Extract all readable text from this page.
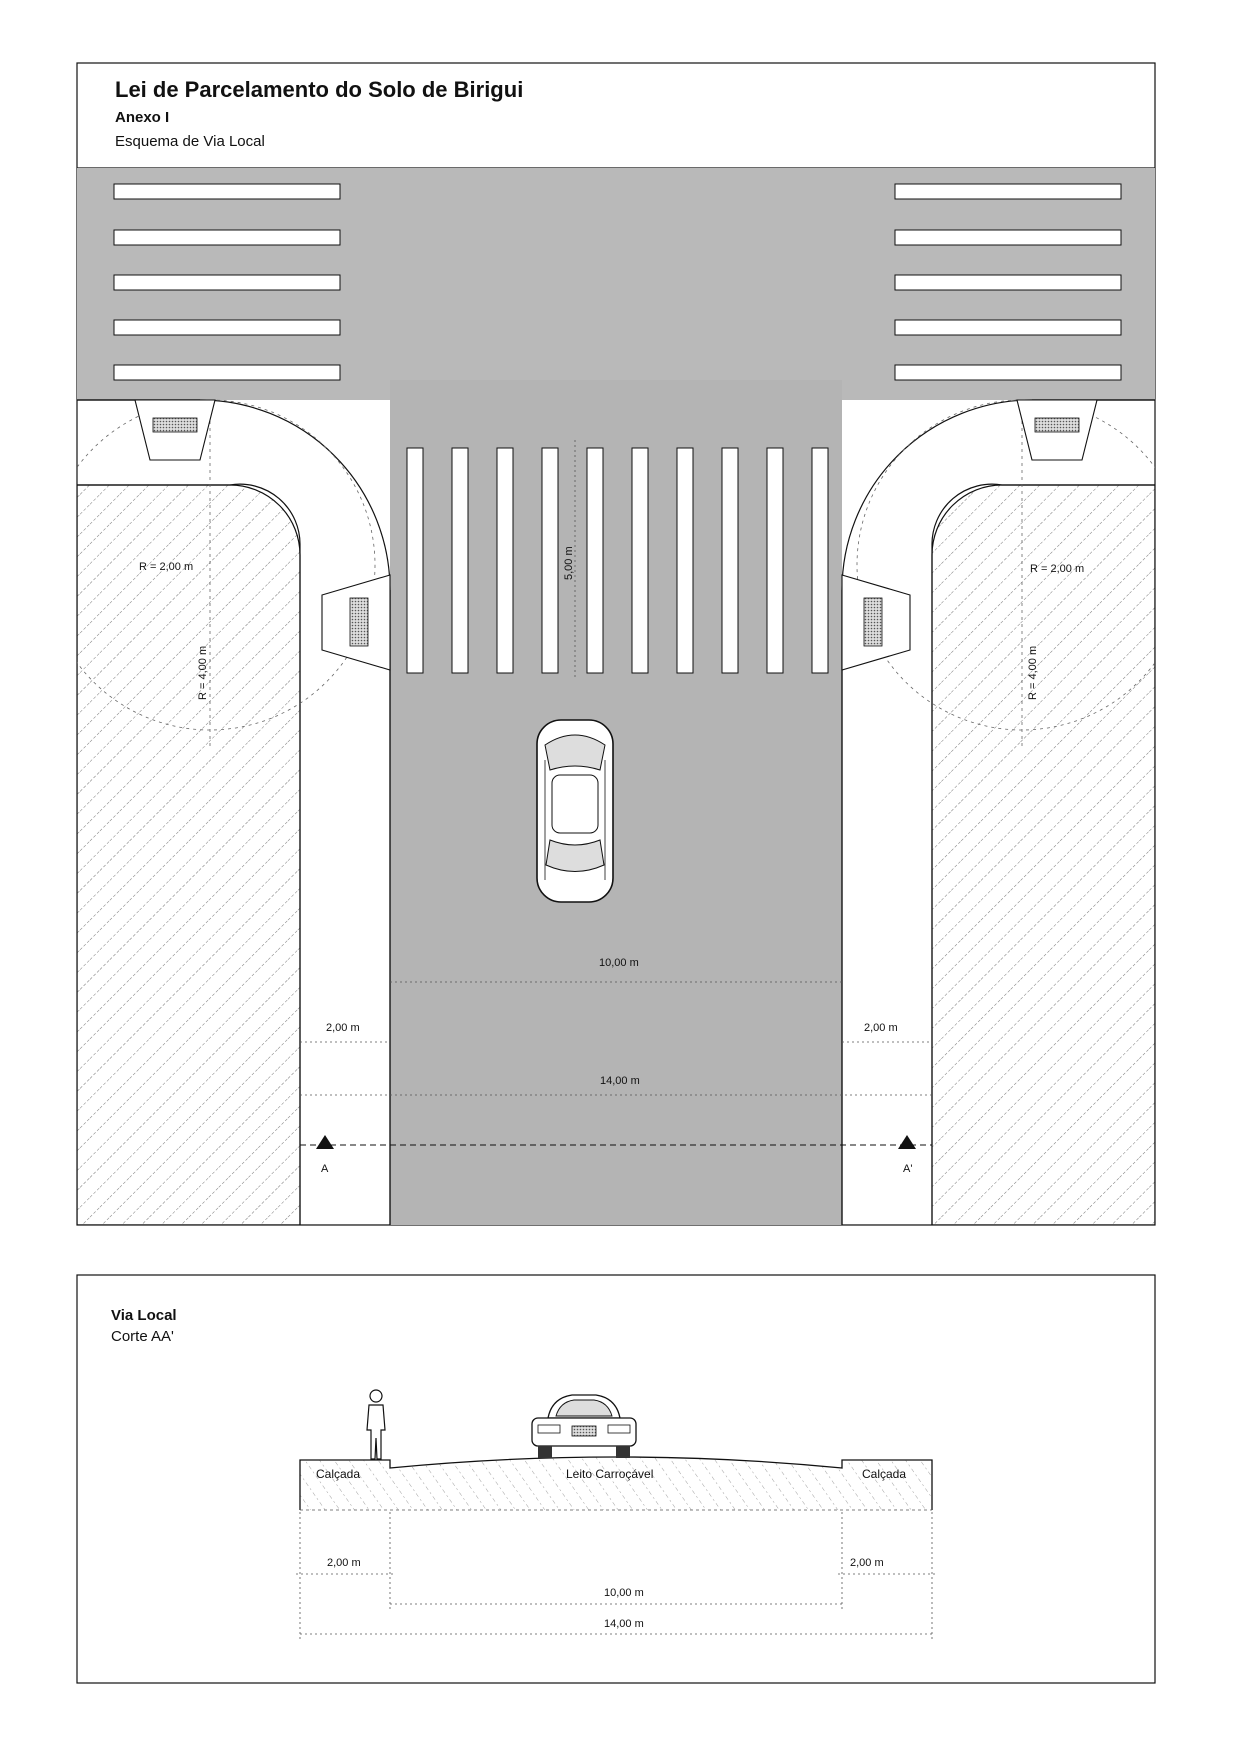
Lei de Parcelamento do Solo de Birigui
Anexo I
Esquema de Via Local
R = 2,00 m	R = 2,00 m
R = 4,00 m	R = 4,00 m
5,00 m
10,00 m
2,00 m	2,00 m
14,00 m
A	A'
Via Local
Corte AA'
Calçada	Leito Carroçável	Calçada
2,00 m
10,00 m
2,00 m
14,00 m
